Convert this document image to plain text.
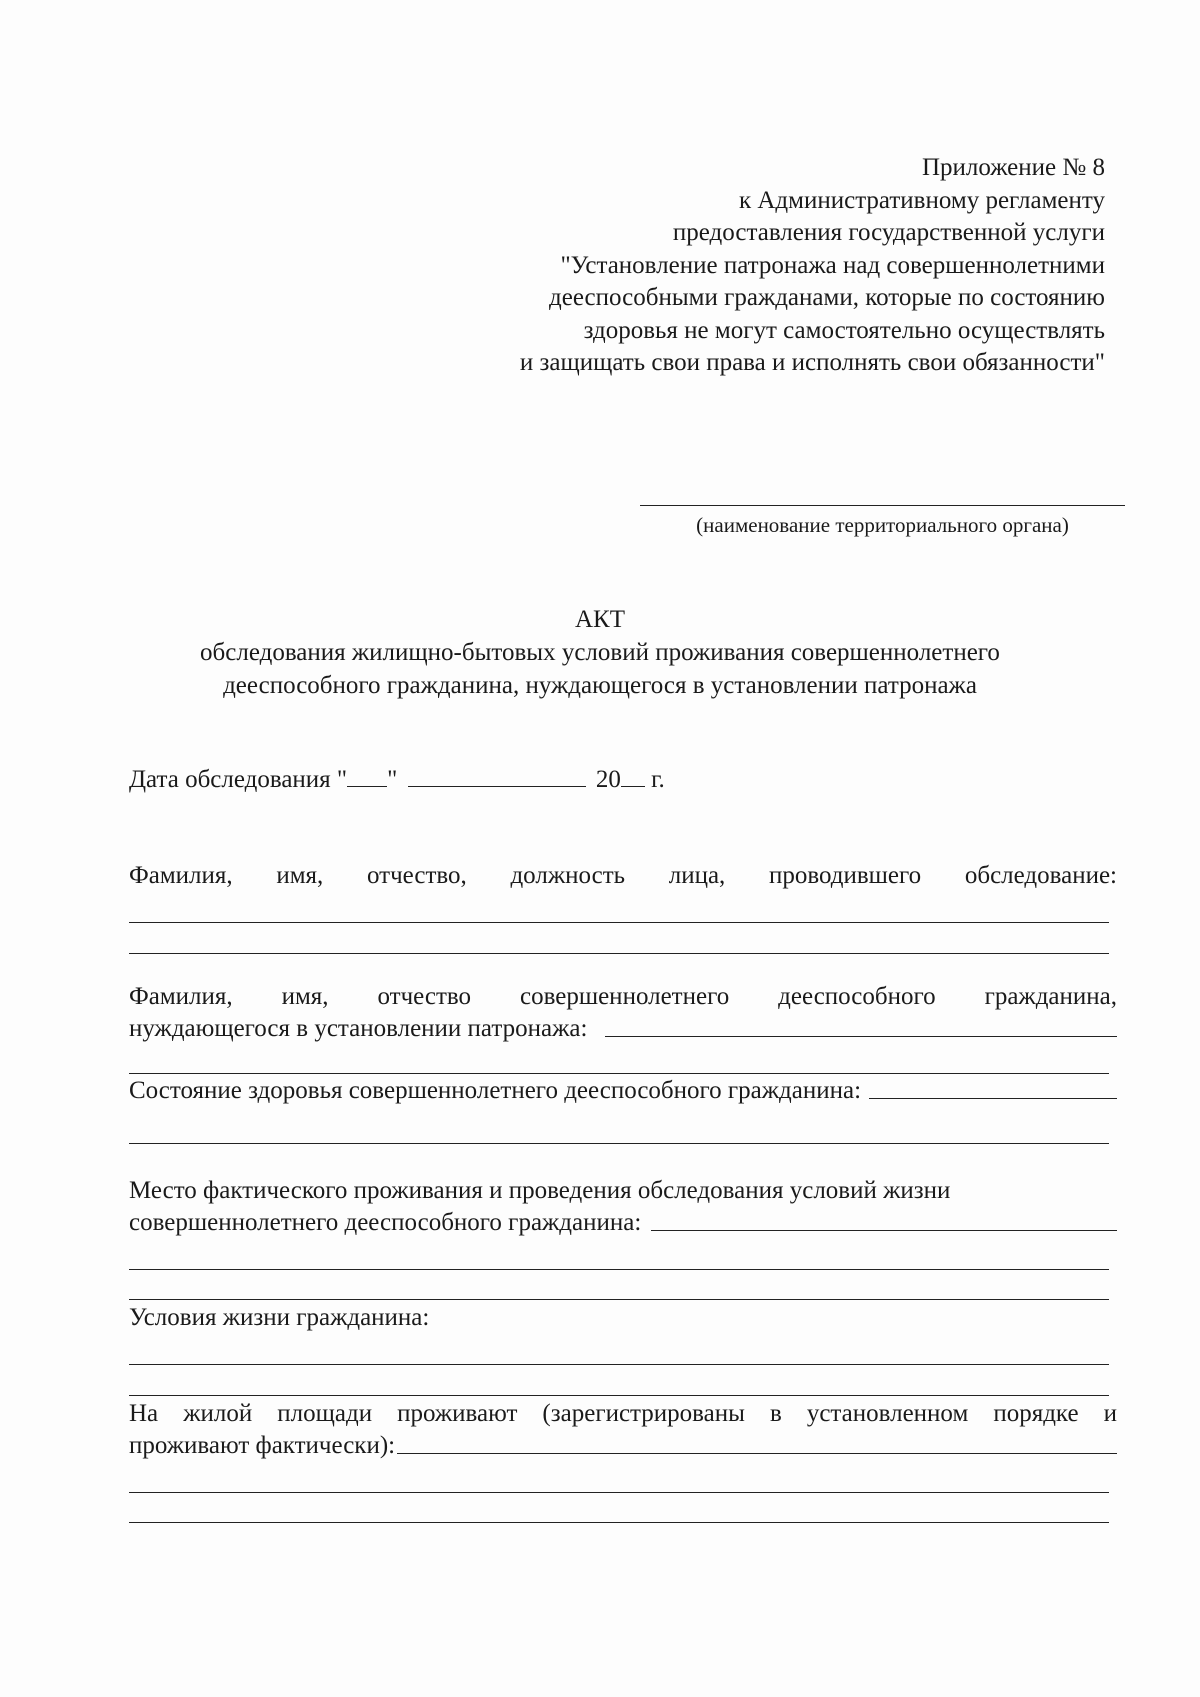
Приложение № 8
к Административному регламенту
предоставления государственной услуги
"Установление патронажа над совершеннолетними
дееспособными гражданами, которые по состоянию
здоровья не могут самостоятельно осуществлять
и защищать свои права и исполнять свои обязанности"
(наименование территориального органа)
АКТ
обследования жилищно-бытовых условий проживания совершеннолетнего
дееспособного гражданина, нуждающегося в установлении патронажа
Дата обследования " "	20 г.
Фамилия, имя, отчество, должность лица, проводившего обследование:
Фамилия, имя, отчество совершеннолетнего дееспособного гражданина,
нуждающегося в установлении патронажа:
Состояние здоровья совершеннолетнего дееспособного гражданина:
Место фактического проживания и проведения обследования условий жизни
совершеннолетнего дееспособного гражданина:
Условия жизни гражданина:
На жилой площади проживают (зарегистрированы в установленном порядке и
проживают фактически):
